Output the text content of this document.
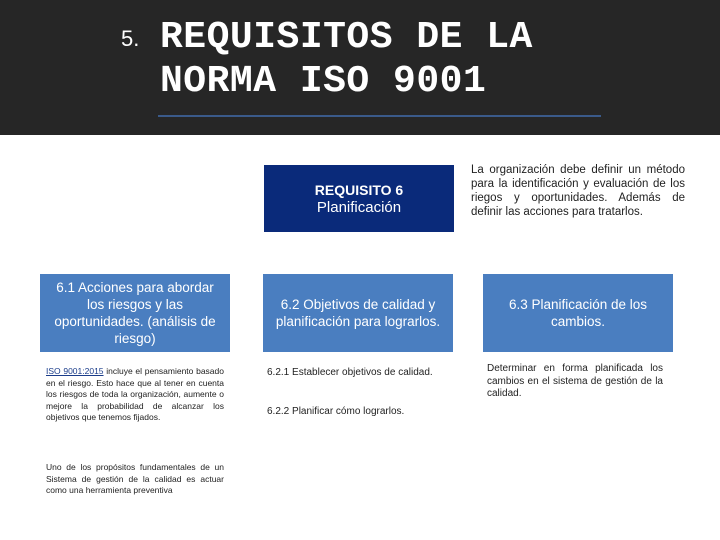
5. REQUISITOS DE LA
NORMA ISO 9001
REQUISITO 6
Planificación
La organización debe definir un método para la identificación y evaluación de los riegos y oportunidades. Además de definir las acciones para tratarlos.
6.1 Acciones para abordar los riesgos y las oportunidades. (análisis de riesgo)
6.2 Objetivos de calidad y planificación para lograrlos.
6.3 Planificación de los cambios.
ISO 9001:2015 incluye el pensamiento basado en el riesgo. Esto hace que al tener en cuenta los riesgos de toda la organización, aumente o mejore la probabilidad de alcanzar los objetivos que tenemos fijados.
Uno de los propósitos fundamentales de un Sistema de gestión de la calidad es actuar como una herramienta preventiva
6.2.1 Establecer objetivos de calidad.
6.2.2 Planificar cómo lograrlos.
Determinar en forma planificada los cambios en el sistema de gestión de la calidad.
